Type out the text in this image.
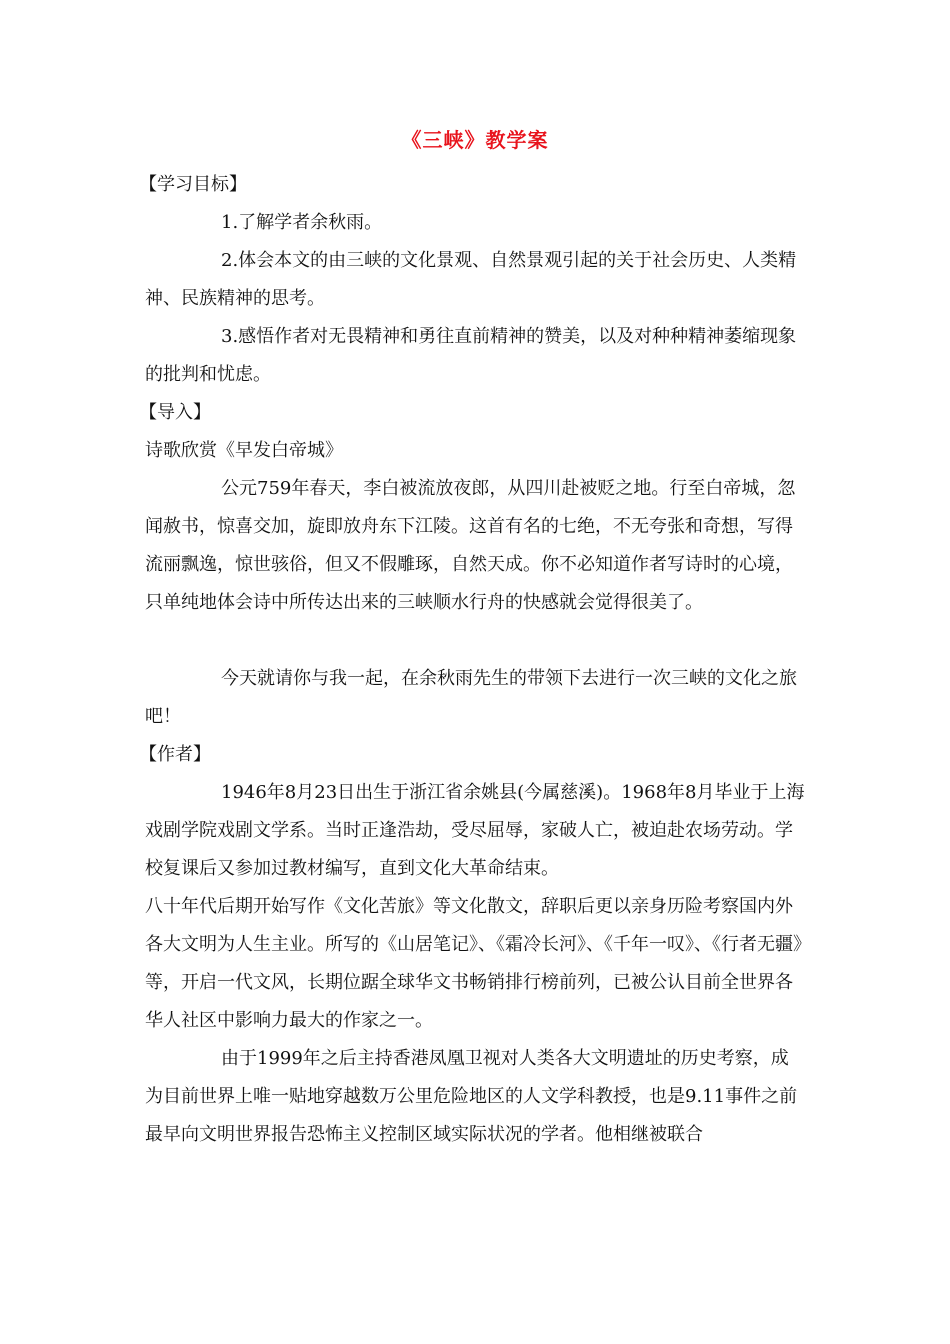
《三峡》教学案

【学习目标】

1.了解学者余秋雨。

2.体会本文的由三峡的文化景观、自然景观引起的关于社会历史、人类精神、民族精神的思考。

3.感悟作者对无畏精神和勇往直前精神的赞美，以及对种种精神萎缩现象的批判和忧虑。

【导入】

诗歌欣赏《早发白帝城》

公元759年春天，李白被流放夜郎，从四川赴被贬之地。行至白帝城，忽闻赦书，惊喜交加，旋即放舟东下江陵。这首有名的七绝，不无夸张和奇想，写得流丽飘逸，惊世骇俗，但又不假雕琢，自然天成。你不必知道作者写诗时的心境，只单纯地体会诗中所传达出来的三峡顺水行舟的快感就会觉得很美了。

今天就请你与我一起，在余秋雨先生的带领下去进行一次三峡的文化之旅吧！

【作者】

1946年8月23日出生于浙江省余姚县(今属慈溪)。1968年8月毕业于上海戏剧学院戏剧文学系。当时正逢浩劫，受尽屈辱，家破人亡，被迫赴农场劳动。学校复课后又参加过教材编写，直到文化大革命结束。

八十年代后期开始写作《文化苦旅》等文化散文，辞职后更以亲身历险考察国内外各大文明为人生主业。所写的《山居笔记》、《霜冷长河》、《千年一叹》、《行者无疆》等，开启一代文风，长期位踞全球华文书畅销排行榜前列，已被公认目前全世界各华人社区中影响力最大的作家之一。

由于1999年之后主持香港凤凰卫视对人类各大文明遗址的历史考察，成为目前世界上唯一贴地穿越数万公里危险地区的人文学科教授，也是9.11事件之前最早向文明世界报告恐怖主义控制区域实际状况的学者。他相继被联合
